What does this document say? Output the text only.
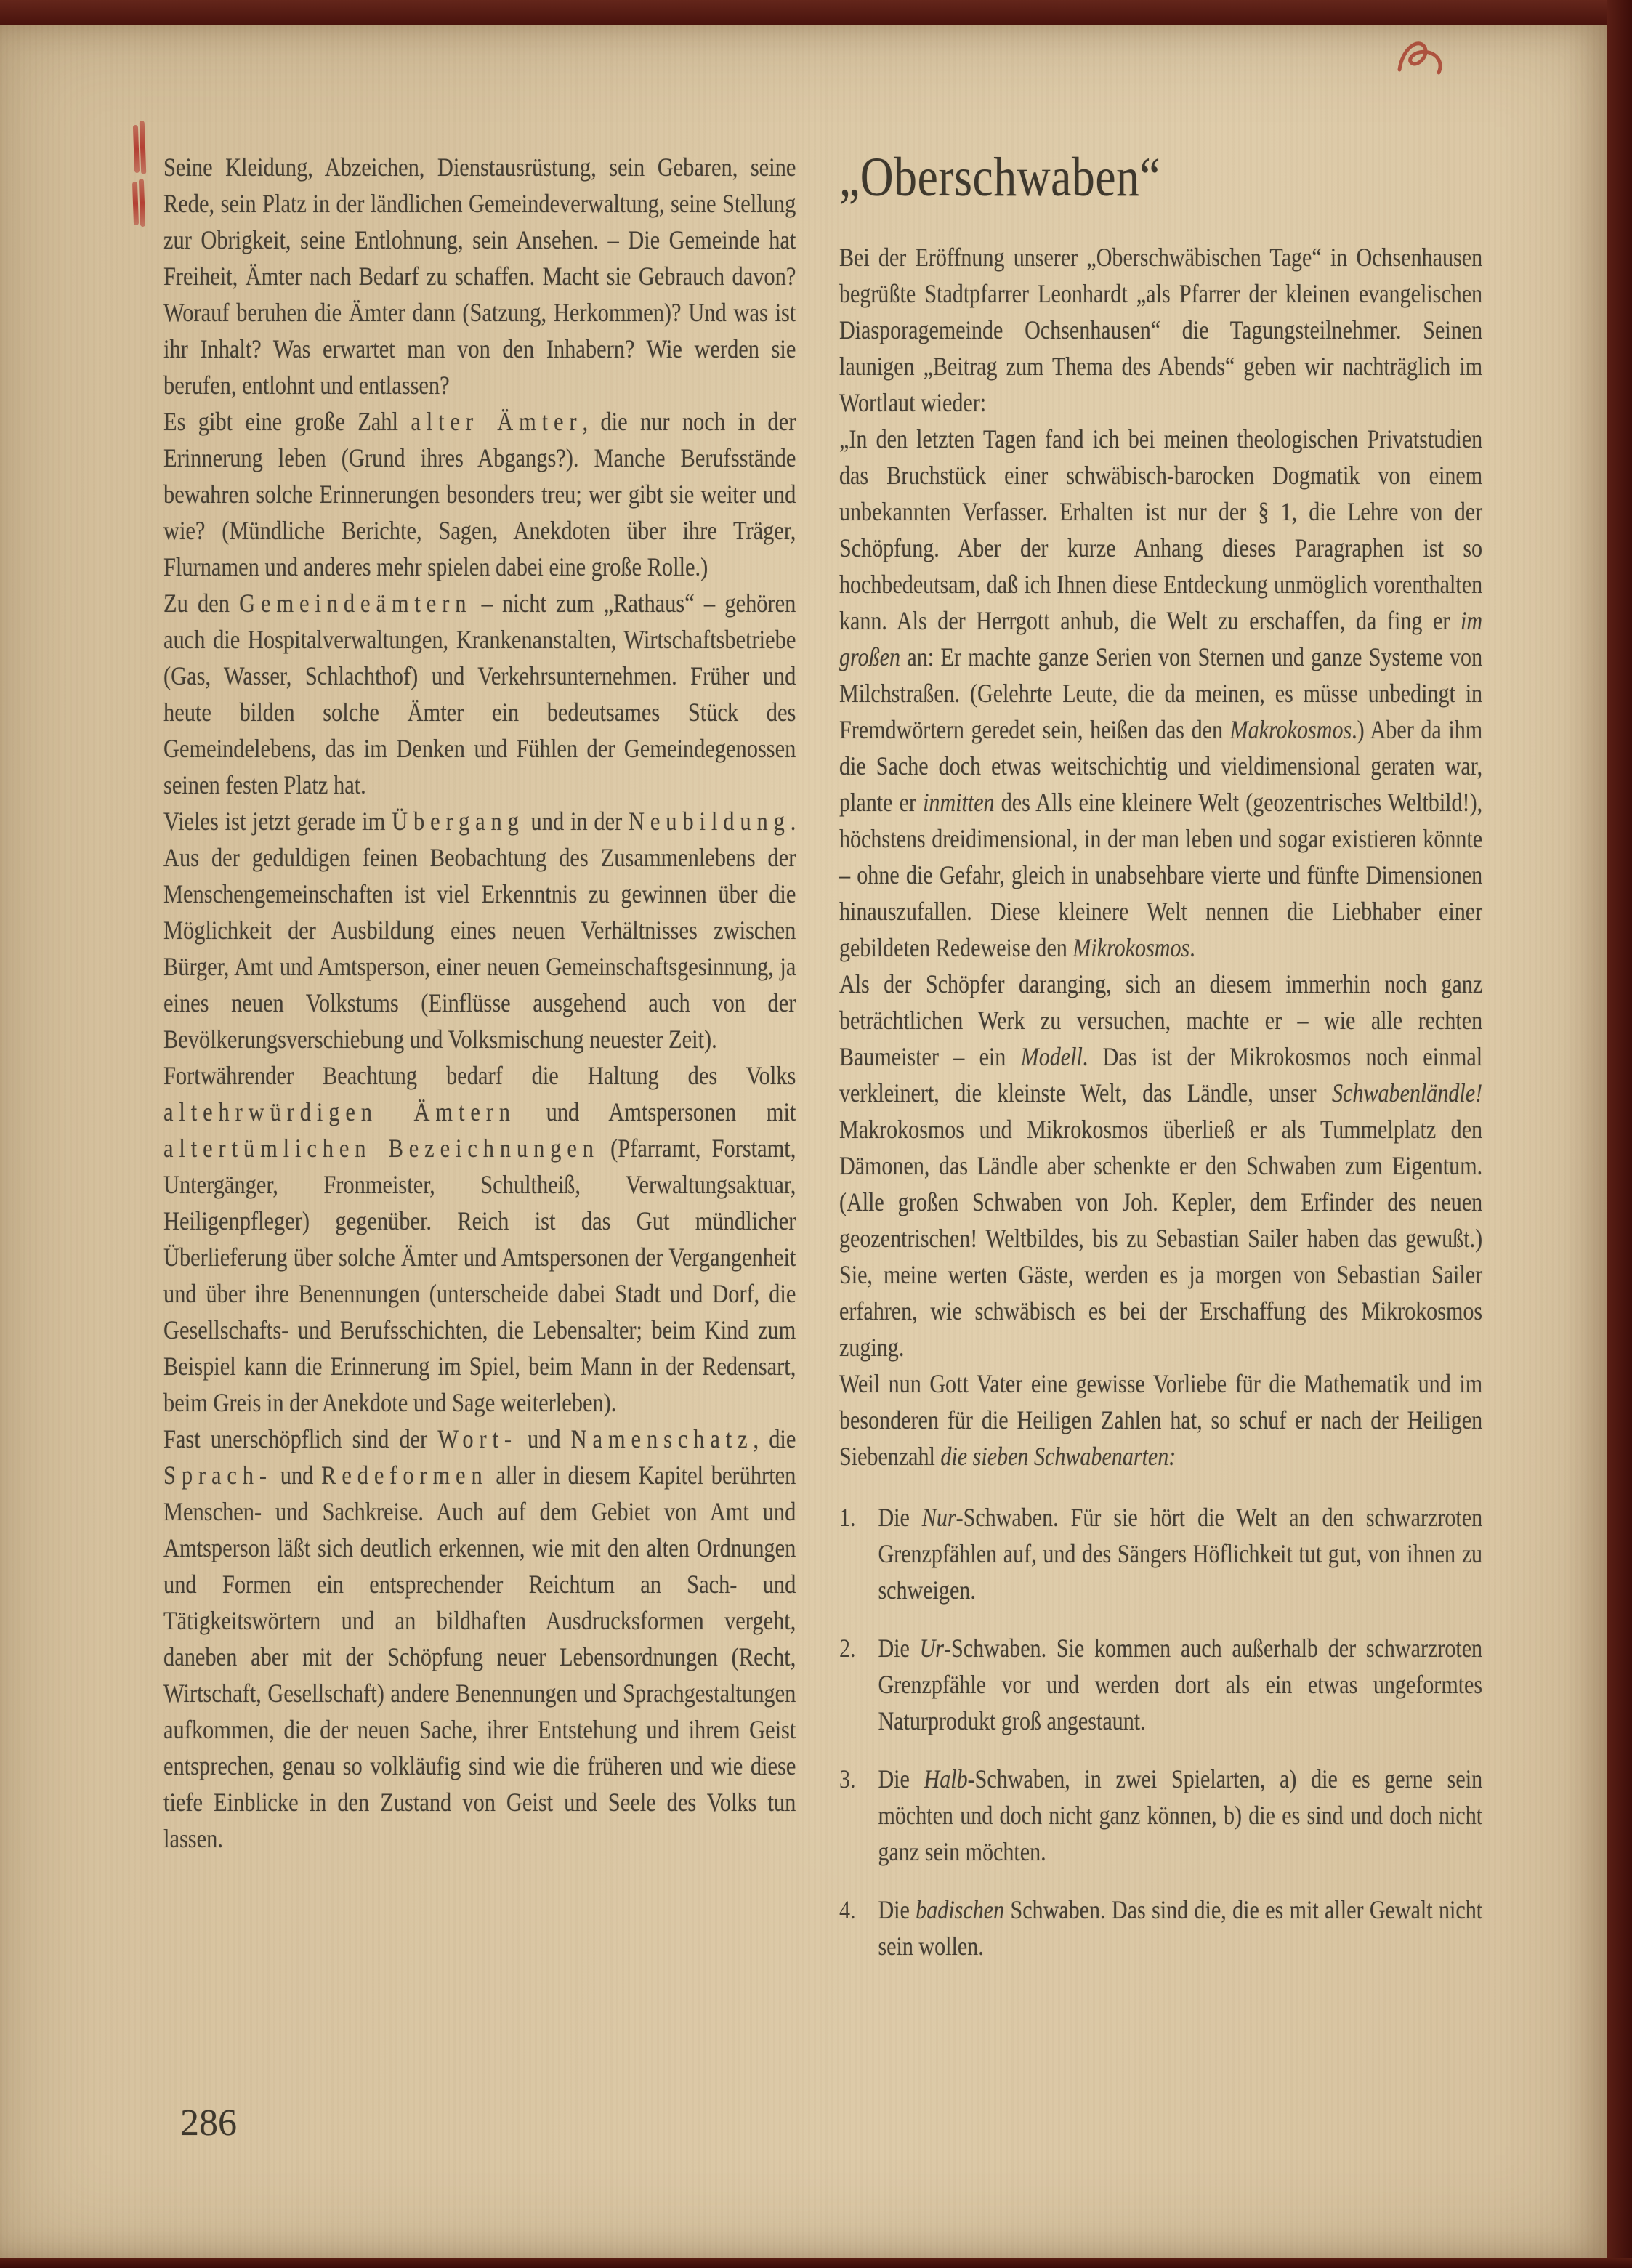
Seine Kleidung, Abzeichen, Dienstausrüstung, sein Gebaren, seine Rede, sein Platz in der ländlichen Gemeindeverwaltung, seine Stellung zur Obrigkeit, seine Entlohnung, sein Ansehen. – Die Gemeinde hat Freiheit, Ämter nach Bedarf zu schaffen. Macht sie Gebrauch davon? Worauf beruhen die Ämter dann (Satzung, Herkommen)? Und was ist ihr Inhalt? Was erwartet man von den Inhabern? Wie werden sie berufen, entlohnt und entlassen?

Es gibt eine große Zahl alter Ämter, die nur noch in der Erinnerung leben (Grund ihres Abgangs?). Manche Berufsstände bewahren solche Erinnerungen besonders treu; wer gibt sie weiter und wie? (Mündliche Berichte, Sagen, Anekdoten über ihre Träger, Flurnamen und anderes mehr spielen dabei eine große Rolle.)

Zu den Gemeindeämtern – nicht zum „Rathaus“ – gehören auch die Hospitalverwaltungen, Krankenanstalten, Wirtschaftsbetriebe (Gas, Wasser, Schlachthof) und Verkehrsunternehmen. Früher und heute bilden solche Ämter ein bedeutsames Stück des Gemeindelebens, das im Denken und Fühlen der Gemeindegenossen seinen festen Platz hat.

Vieles ist jetzt gerade im Übergang und in der Neubildung. Aus der geduldigen feinen Beobachtung des Zusammenlebens der Menschengemeinschaften ist viel Erkenntnis zu gewinnen über die Möglichkeit der Ausbildung eines neuen Verhältnisses zwischen Bürger, Amt und Amtsperson, einer neuen Gemeinschaftsgesinnung, ja eines neuen Volkstums (Einflüsse ausgehend auch von der Bevölkerungsverschiebung und Volksmischung neuester Zeit).

Fortwährender Beachtung bedarf die Haltung des Volks altehrwürdigen Ämtern und Amtspersonen mit altertümlichen Bezeichnungen (Pfarramt, Forstamt, Untergänger, Fronmeister, Schultheiß, Verwaltungsaktuar, Heiligenpfleger) gegenüber. Reich ist das Gut mündlicher Überlieferung über solche Ämter und Amtspersonen der Vergangenheit und über ihre Benennungen (unterscheide dabei Stadt und Dorf, die Gesellschafts- und Berufsschichten, die Lebensalter; beim Kind zum Beispiel kann die Erinnerung im Spiel, beim Mann in der Redensart, beim Greis in der Anekdote und Sage weiterleben).

Fast unerschöpflich sind der Wort- und Namenschatz, die Sprach- und Redeformen aller in diesem Kapitel berührten Menschen- und Sachkreise. Auch auf dem Gebiet von Amt und Amtsperson läßt sich deutlich erkennen, wie mit den alten Ordnungen und Formen ein entsprechender Reichtum an Sach- und Tätigkeitswörtern und an bildhaften Ausdrucksformen vergeht, daneben aber mit der Schöpfung neuer Lebensordnungen (Recht, Wirtschaft, Gesellschaft) andere Benennungen und Sprachgestaltungen aufkommen, die der neuen Sache, ihrer Entstehung und ihrem Geist entsprechen, genau so volkläufig sind wie die früheren und wie diese tiefe Einblicke in den Zustand von Geist und Seele des Volks tun lassen.

„Oberschwaben“

Bei der Eröffnung unserer „Oberschwäbischen Tage“ in Ochsenhausen begrüßte Stadtpfarrer Leonhardt „als Pfarrer der kleinen evangelischen Diasporagemeinde Ochsenhausen“ die Tagungsteilnehmer. Seinen launigen „Beitrag zum Thema des Abends“ geben wir nachträglich im Wortlaut wieder:

„In den letzten Tagen fand ich bei meinen theologischen Privatstudien das Bruchstück einer schwäbisch-barocken Dogmatik von einem unbekannten Verfasser. Erhalten ist nur der § 1, die Lehre von der Schöpfung. Aber der kurze Anhang dieses Paragraphen ist so hochbedeutsam, daß ich Ihnen diese Entdeckung unmöglich vorenthalten kann. Als der Herrgott anhub, die Welt zu erschaffen, da fing er im großen an: Er machte ganze Serien von Sternen und ganze Systeme von Milchstraßen. (Gelehrte Leute, die da meinen, es müsse unbedingt in Fremdwörtern geredet sein, heißen das den Makrokosmos.) Aber da ihm die Sache doch etwas weitschichtig und vieldimensional geraten war, plante er inmitten des Alls eine kleinere Welt (geozentrisches Weltbild!), höchstens dreidimensional, in der man leben und sogar existieren könnte – ohne die Gefahr, gleich in unabsehbare vierte und fünfte Dimensionen hinauszufallen. Diese kleinere Welt nennen die Liebhaber einer gebildeten Redeweise den Mikrokosmos.

Als der Schöpfer daranging, sich an diesem immerhin noch ganz beträchtlichen Werk zu versuchen, machte er – wie alle rechten Baumeister – ein Modell. Das ist der Mikrokosmos noch einmal verkleinert, die kleinste Welt, das Ländle, unser Schwabenländle! Makrokosmos und Mikrokosmos überließ er als Tummelplatz den Dämonen, das Ländle aber schenkte er den Schwaben zum Eigentum. (Alle großen Schwaben von Joh. Kepler, dem Erfinder des neuen geozentrischen! Weltbildes, bis zu Sebastian Sailer haben das gewußt.) Sie, meine werten Gäste, werden es ja morgen von Sebastian Sailer erfahren, wie schwäbisch es bei der Erschaffung des Mikrokosmos zuging.

Weil nun Gott Vater eine gewisse Vorliebe für die Mathematik und im besonderen für die Heiligen Zahlen hat, so schuf er nach der Heiligen Siebenzahl die sieben Schwabenarten:

1. Die Nur-Schwaben. Für sie hört die Welt an den schwarzroten Grenzpfählen auf, und des Sängers Höflichkeit tut gut, von ihnen zu schweigen.
2. Die Ur-Schwaben. Sie kommen auch außerhalb der schwarzroten Grenzpfähle vor und werden dort als ein etwas ungeformtes Naturprodukt groß angestaunt.
3. Die Halb-Schwaben, in zwei Spielarten, a) die es gerne sein möchten und doch nicht ganz können, b) die es sind und doch nicht ganz sein möchten.
4. Die badischen Schwaben. Das sind die, die es mit aller Gewalt nicht sein wollen.
286
